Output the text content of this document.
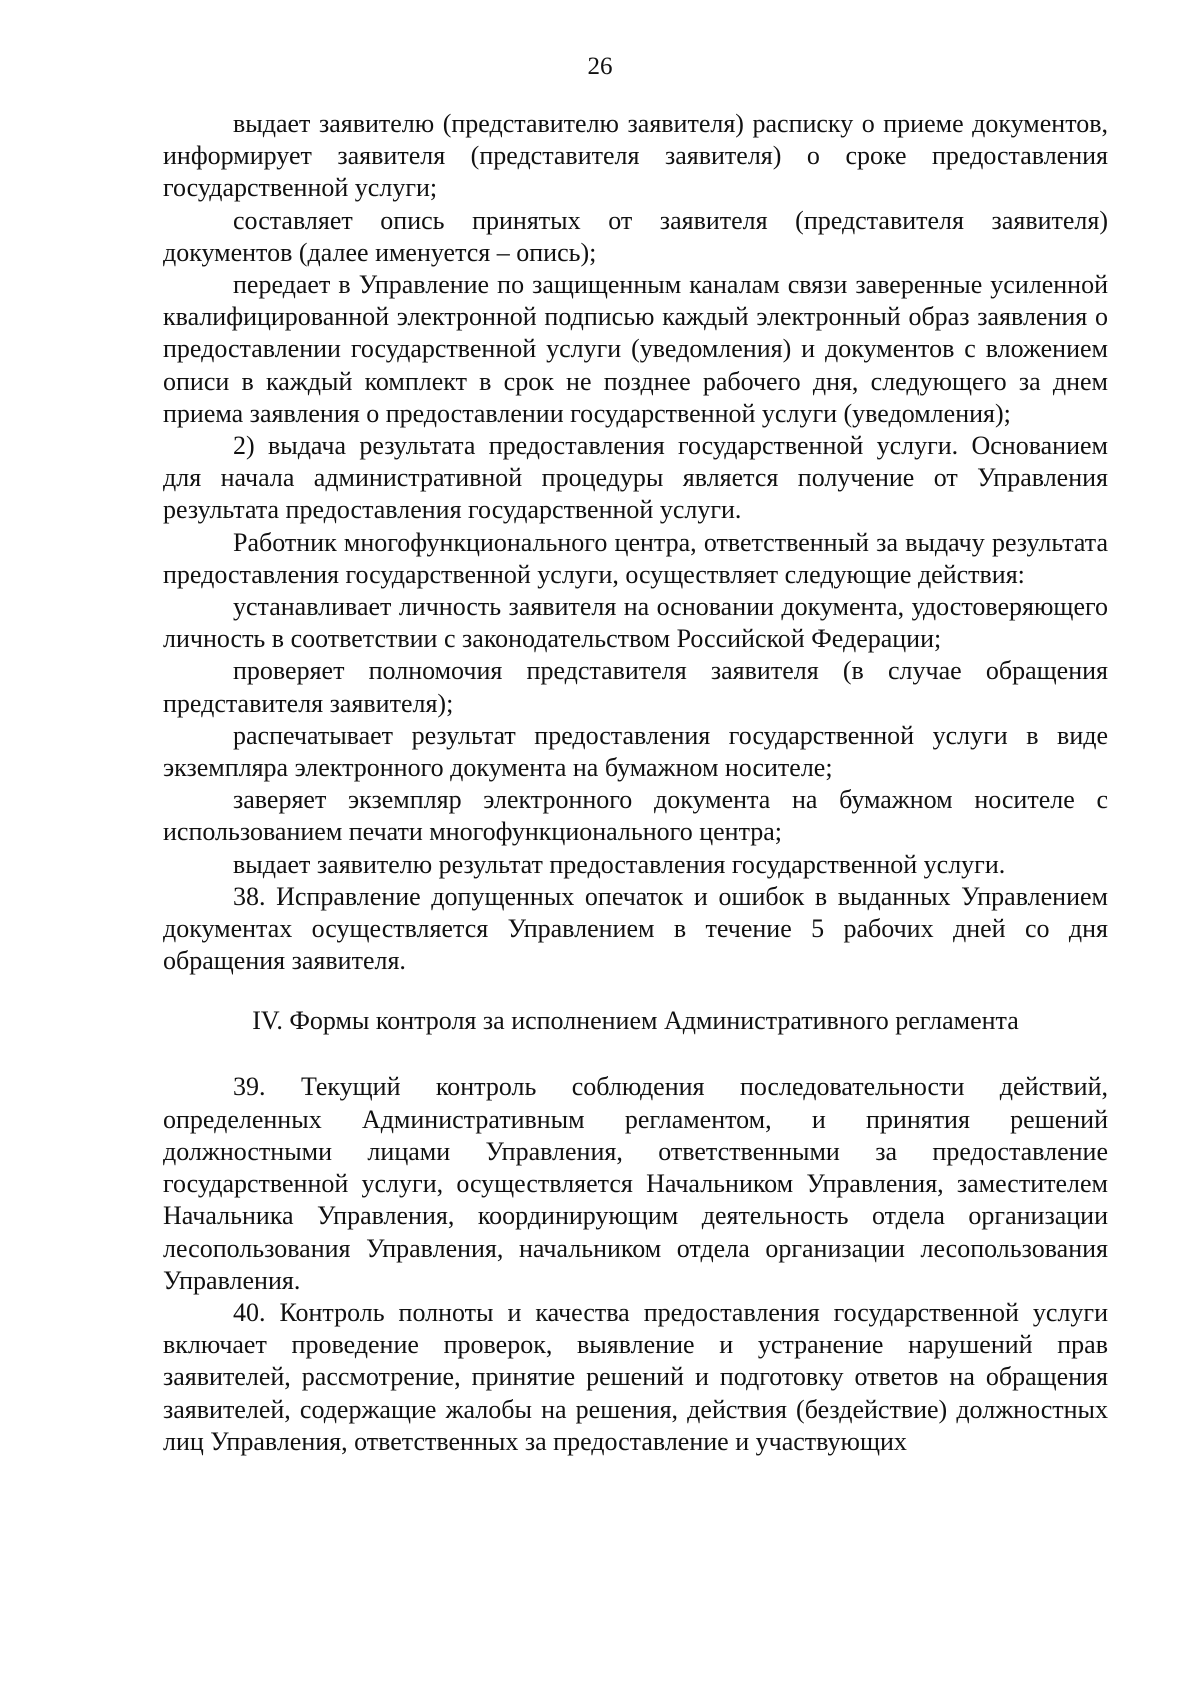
26

выдает заявителю (представителю заявителя) расписку о приеме документов, информирует заявителя (представителя заявителя) о сроке предоставления государственной услуги;

составляет опись принятых от заявителя (представителя заявителя) документов (далее именуется – опись);

передает в Управление по защищенным каналам связи заверенные усиленной квалифицированной электронной подписью каждый электронный образ заявления о предоставлении государственной услуги (уведомления) и документов с вложением описи в каждый комплект в срок не позднее рабочего дня, следующего за днем приема заявления о предоставлении государственной услуги (уведомления);

2) выдача результата предоставления государственной услуги. Основанием для начала административной процедуры является получение от Управления результата предоставления государственной услуги.

Работник многофункционального центра, ответственный за выдачу результата предоставления государственной услуги, осуществляет следующие действия:

устанавливает личность заявителя на основании документа, удостоверяющего личность в соответствии с законодательством Российской Федерации;

проверяет полномочия представителя заявителя (в случае обращения представителя заявителя);

распечатывает результат предоставления государственной услуги в виде экземпляра электронного документа на бумажном носителе;

заверяет экземпляр электронного документа на бумажном носителе с использованием печати многофункционального центра;

выдает заявителю результат предоставления государственной услуги.

38. Исправление допущенных опечаток и ошибок в выданных Управлением документах осуществляется Управлением в течение 5 рабочих дней со дня обращения заявителя.

IV. Формы контроля за исполнением Административного регламента

39. Текущий контроль соблюдения последовательности действий, определенных Административным регламентом, и принятия решений должностными лицами Управления, ответственными за предоставление государственной услуги, осуществляется Начальником Управления, заместителем Начальника Управления, координирующим деятельность отдела организации лесопользования Управления, начальником отдела организации лесопользования Управления.

40. Контроль полноты и качества предоставления государственной услуги включает проведение проверок, выявление и устранение нарушений прав заявителей, рассмотрение, принятие решений и подготовку ответов на обращения заявителей, содержащие жалобы на решения, действия (бездействие) должностных лиц Управления, ответственных за предоставление и участвующих
